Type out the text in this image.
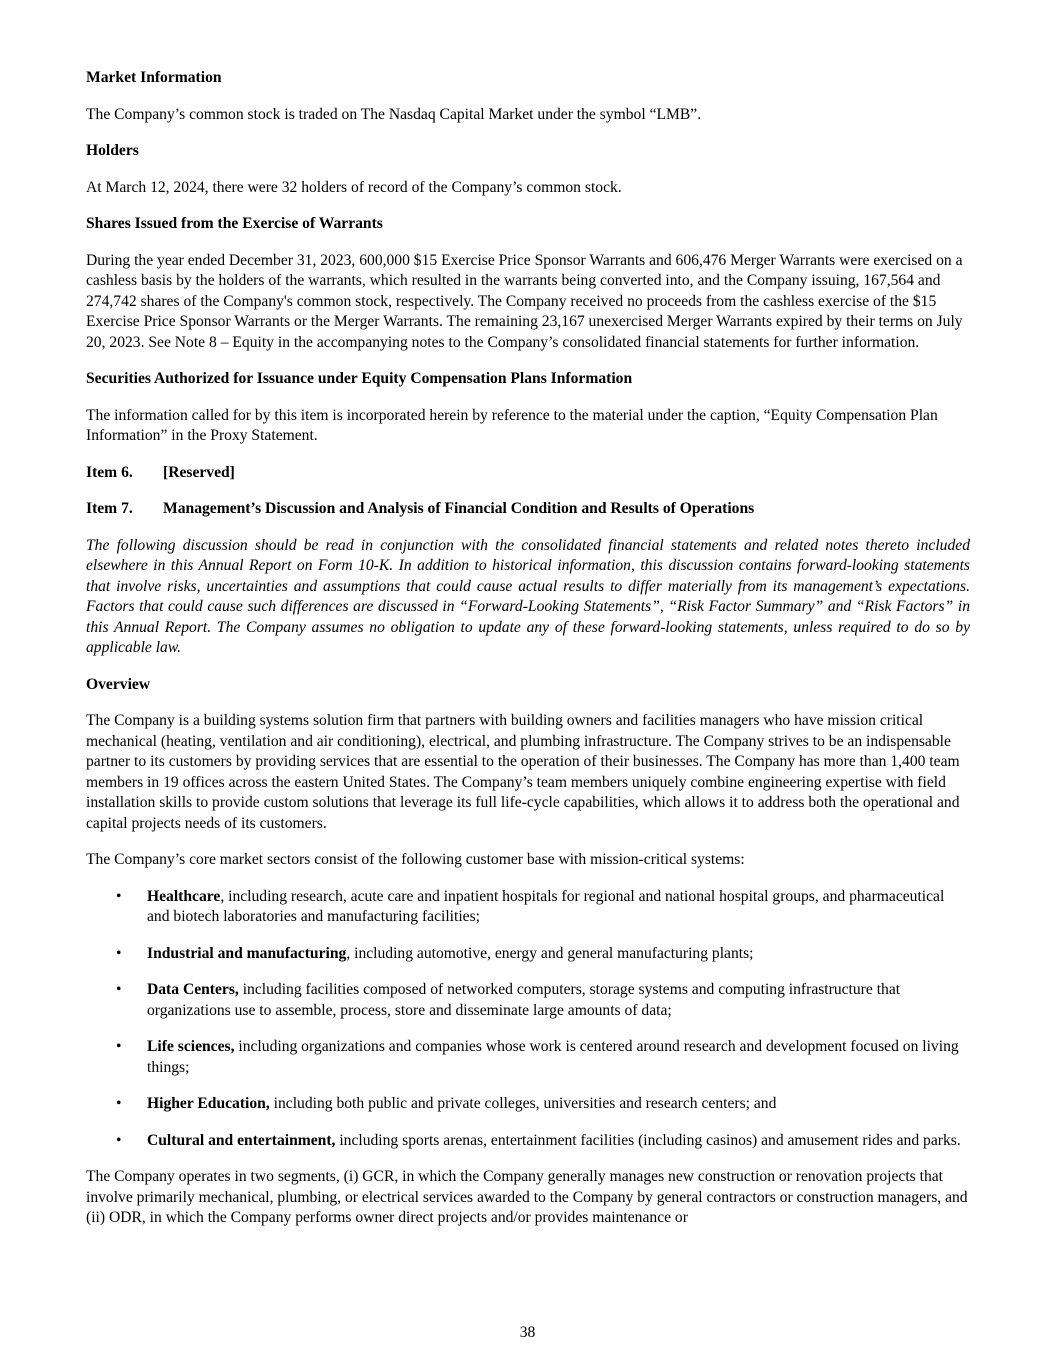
Market Information

The Company’s common stock is traded on The Nasdaq Capital Market under the symbol “LMB”.

Holders

At March 12, 2024, there were 32 holders of record of the Company’s common stock.

Shares Issued from the Exercise of Warrants

During the year ended December 31, 2023, 600,000 $15 Exercise Price Sponsor Warrants and 606,476 Merger Warrants were exercised on a cashless basis by the holders of the warrants, which resulted in the warrants being converted into, and the Company issuing, 167,564 and 274,742 shares of the Company's common stock, respectively. The Company received no proceeds from the cashless exercise of the $15 Exercise Price Sponsor Warrants or the Merger Warrants. The remaining 23,167 unexercised Merger Warrants expired by their terms on July 20, 2023. See Note 8 – Equity in the accompanying notes to the Company’s consolidated financial statements for further information.

Securities Authorized for Issuance under Equity Compensation Plans Information

The information called for by this item is incorporated herein by reference to the material under the caption, “Equity Compensation Plan Information” in the Proxy Statement.

Item 6.	[Reserved]
Item 7.	Management’s Discussion and Analysis of Financial Condition and Results of Operations

The following discussion should be read in conjunction with the consolidated financial statements and related notes thereto included elsewhere in this Annual Report on Form 10-K. In addition to historical information, this discussion contains forward-looking statements that involve risks, uncertainties and assumptions that could cause actual results to differ materially from its management’s expectations. Factors that could cause such differences are discussed in “Forward-Looking Statements”, “Risk Factor Summary” and “Risk Factors” in this Annual Report. The Company assumes no obligation to update any of these forward-looking statements, unless required to do so by applicable law.

Overview

The Company is a building systems solution firm that partners with building owners and facilities managers who have mission critical mechanical (heating, ventilation and air conditioning), electrical, and plumbing infrastructure. The Company strives to be an indispensable partner to its customers by providing services that are essential to the operation of their businesses. The Company has more than 1,400 team members in 19 offices across the eastern United States. The Company’s team members uniquely combine engineering expertise with field installation skills to provide custom solutions that leverage its full life-cycle capabilities, which allows it to address both the operational and capital projects needs of its customers.

The Company’s core market sectors consist of the following customer base with mission-critical systems:

•	Healthcare, including research, acute care and inpatient hospitals for regional and national hospital groups, and pharmaceutical and biotech laboratories and manufacturing facilities;
•	Industrial and manufacturing, including automotive, energy and general manufacturing plants;
•	Data Centers, including facilities composed of networked computers, storage systems and computing infrastructure that organizations use to assemble, process, store and disseminate large amounts of data;
•	Life sciences, including organizations and companies whose work is centered around research and development focused on living things;
•	Higher Education, including both public and private colleges, universities and research centers; and
•	Cultural and entertainment, including sports arenas, entertainment facilities (including casinos) and amusement rides and parks.

The Company operates in two segments, (i) GCR, in which the Company generally manages new construction or renovation projects that involve primarily mechanical, plumbing, or electrical services awarded to the Company by general contractors or construction managers, and (ii) ODR, in which the Company performs owner direct projects and/or provides maintenance or

38
